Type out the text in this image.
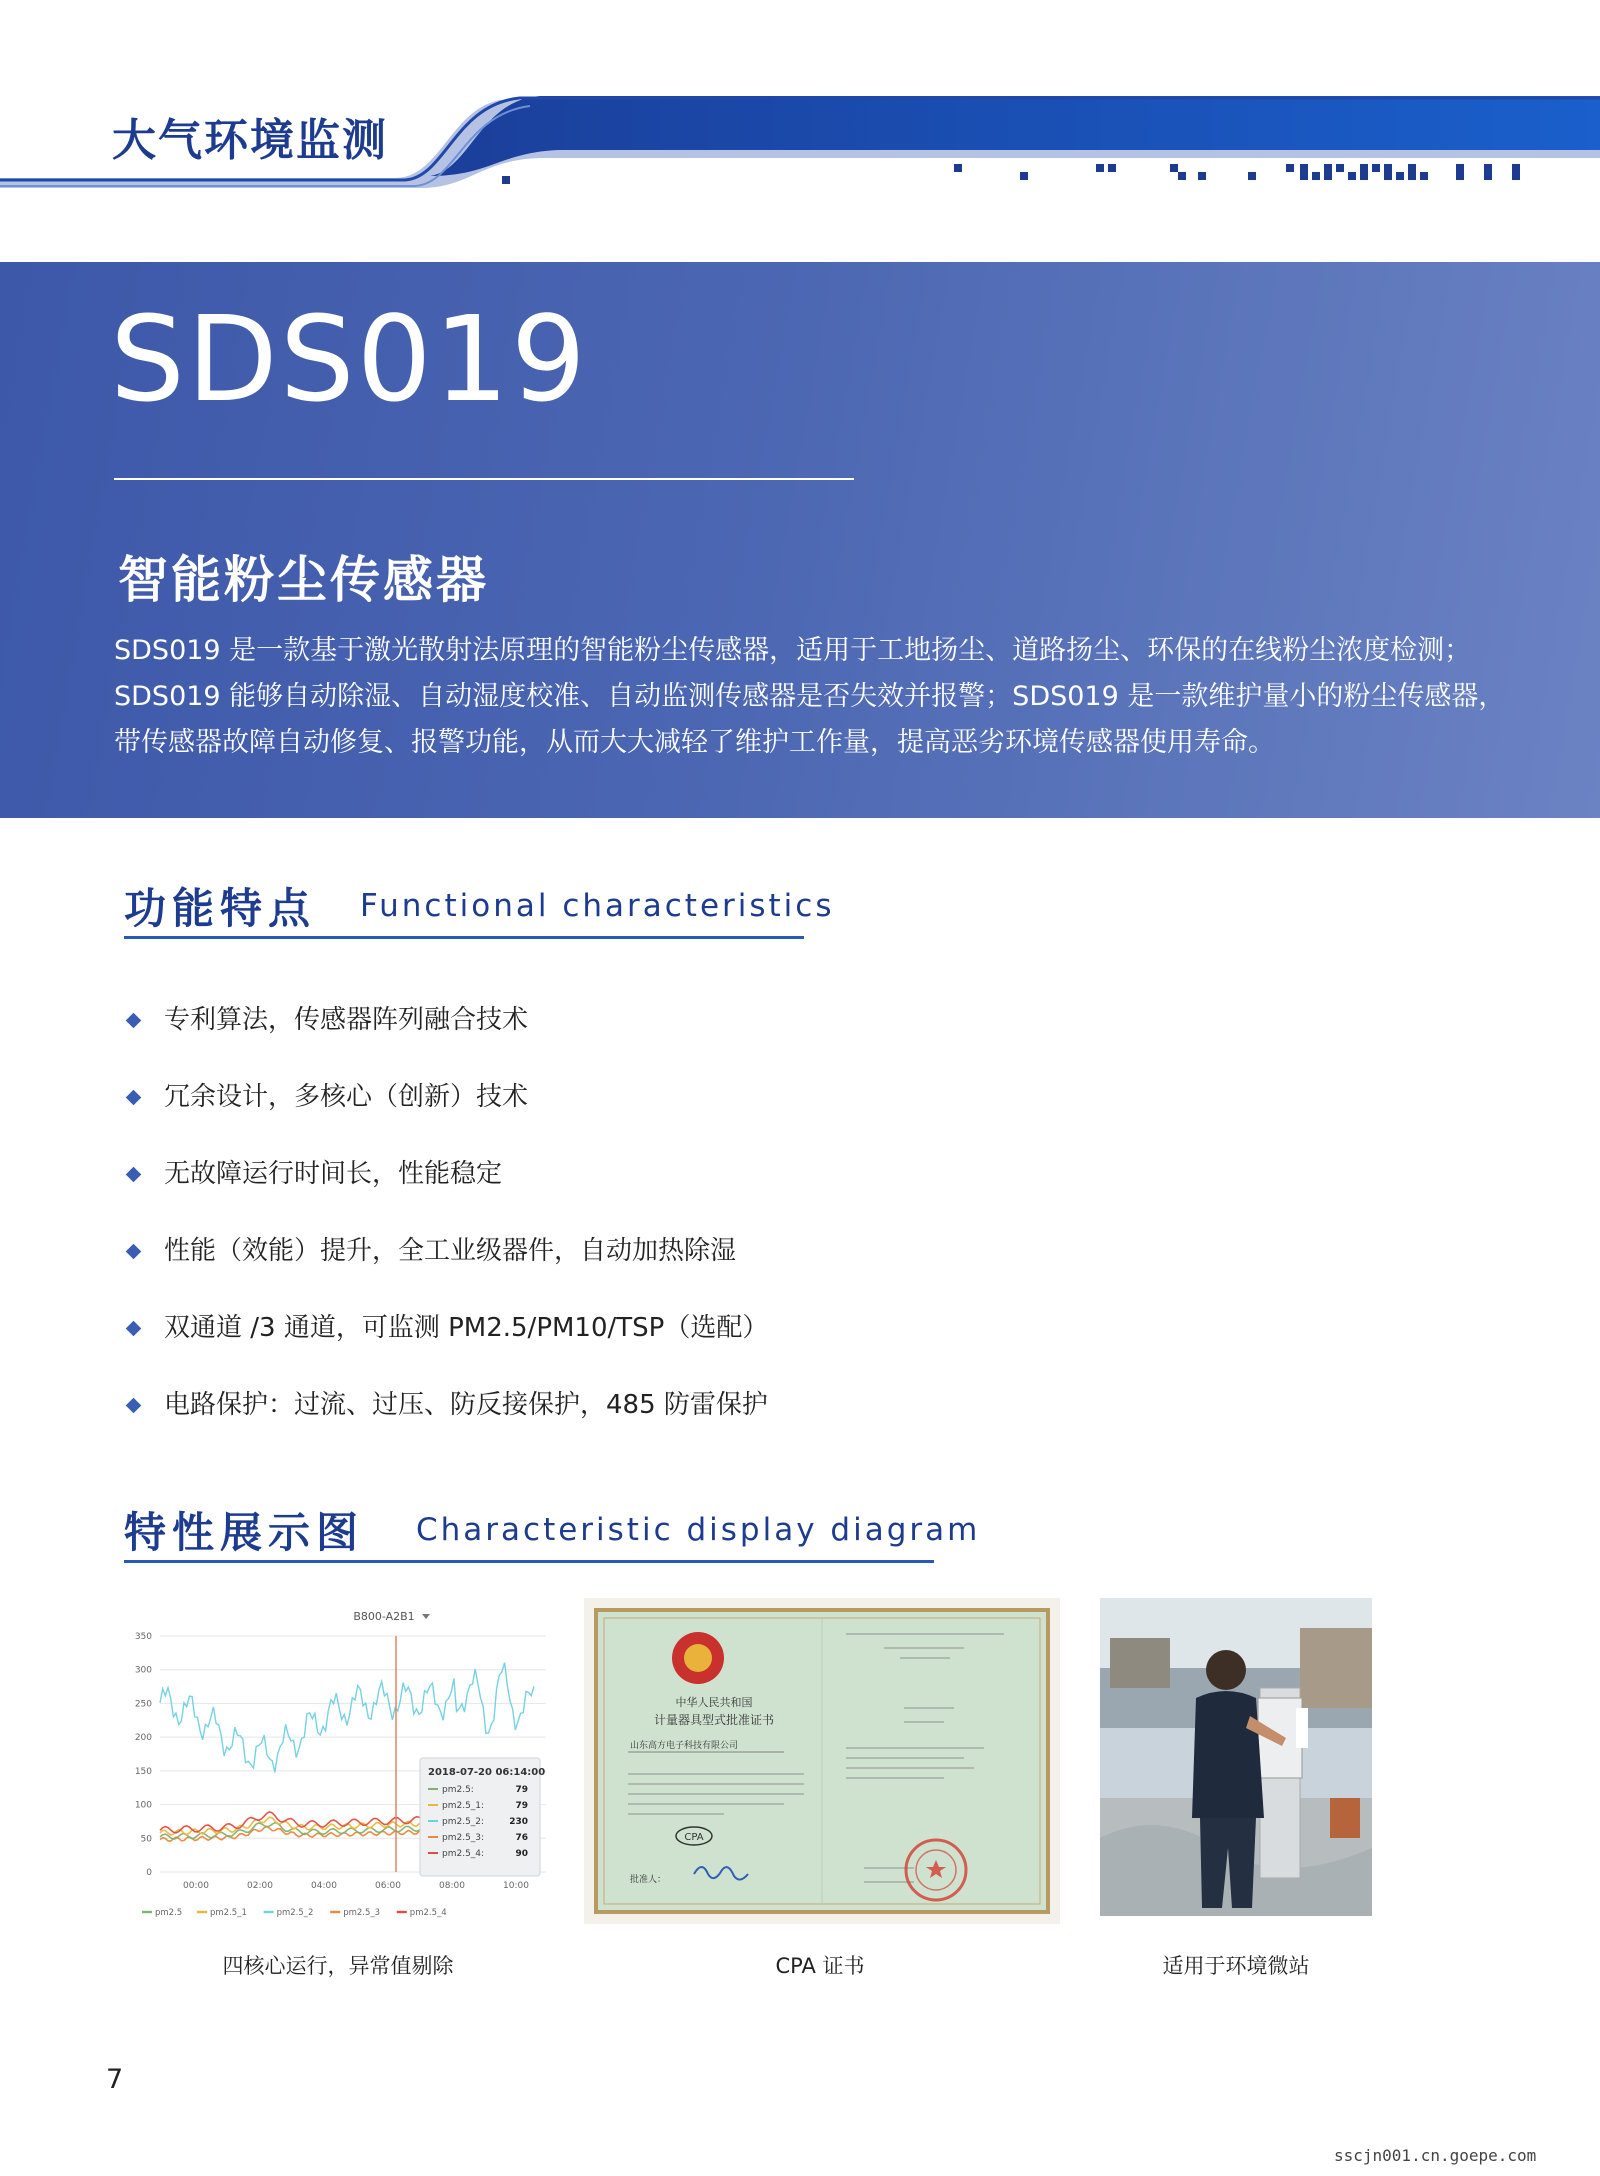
大气环境监测
SDS019
智能粉尘传感器

SDS019 是一款基于激光散射法原理的智能粉尘传感器，适用于工地扬尘、道路扬尘、环保的在线粉尘浓度检测；
SDS019 能够自动除湿、自动湿度校准、自动监测传感器是否失效并报警；SDS019 是一款维护量小的粉尘传感器，
带传感器故障自动修复、报警功能，从而大大减轻了维护工作量，提高恶劣环境传感器使用寿命。

功能特点 Functional characteristics
专利算法，传感器阵列融合技术
冗余设计，多核心（创新）技术
无故障运行时间长，性能稳定
性能（效能）提升，全工业级器件，自动加热除湿
双通道 /3 通道，可监测 PM2.5/PM10/TSP（选配）
电路保护：过流、过压、防反接保护，485 防雷保护
特性展示图 Characteristic display diagram
B800-A2B1
350
300
250
200
150
100
50
0
00:00	02:00	04:00	06:00	08:00	10:00
2018-07-20 06:14:00
pm2.5:	79
pm2.5_1:	79
pm2.5_2:	230
pm2.5_3:	76
pm2.5_4:	90
pm2.5	pm2.5_1	pm2.5_2	pm2.5_3	pm2.5_4
中华人民共和国
计量器具型式批准证书
山东高方电子科技有限公司
CPA
批准人：
四核心运行，异常值剔除	CPA 证书	适用于环境微站
7
sscjn001.cn.goepe.com
